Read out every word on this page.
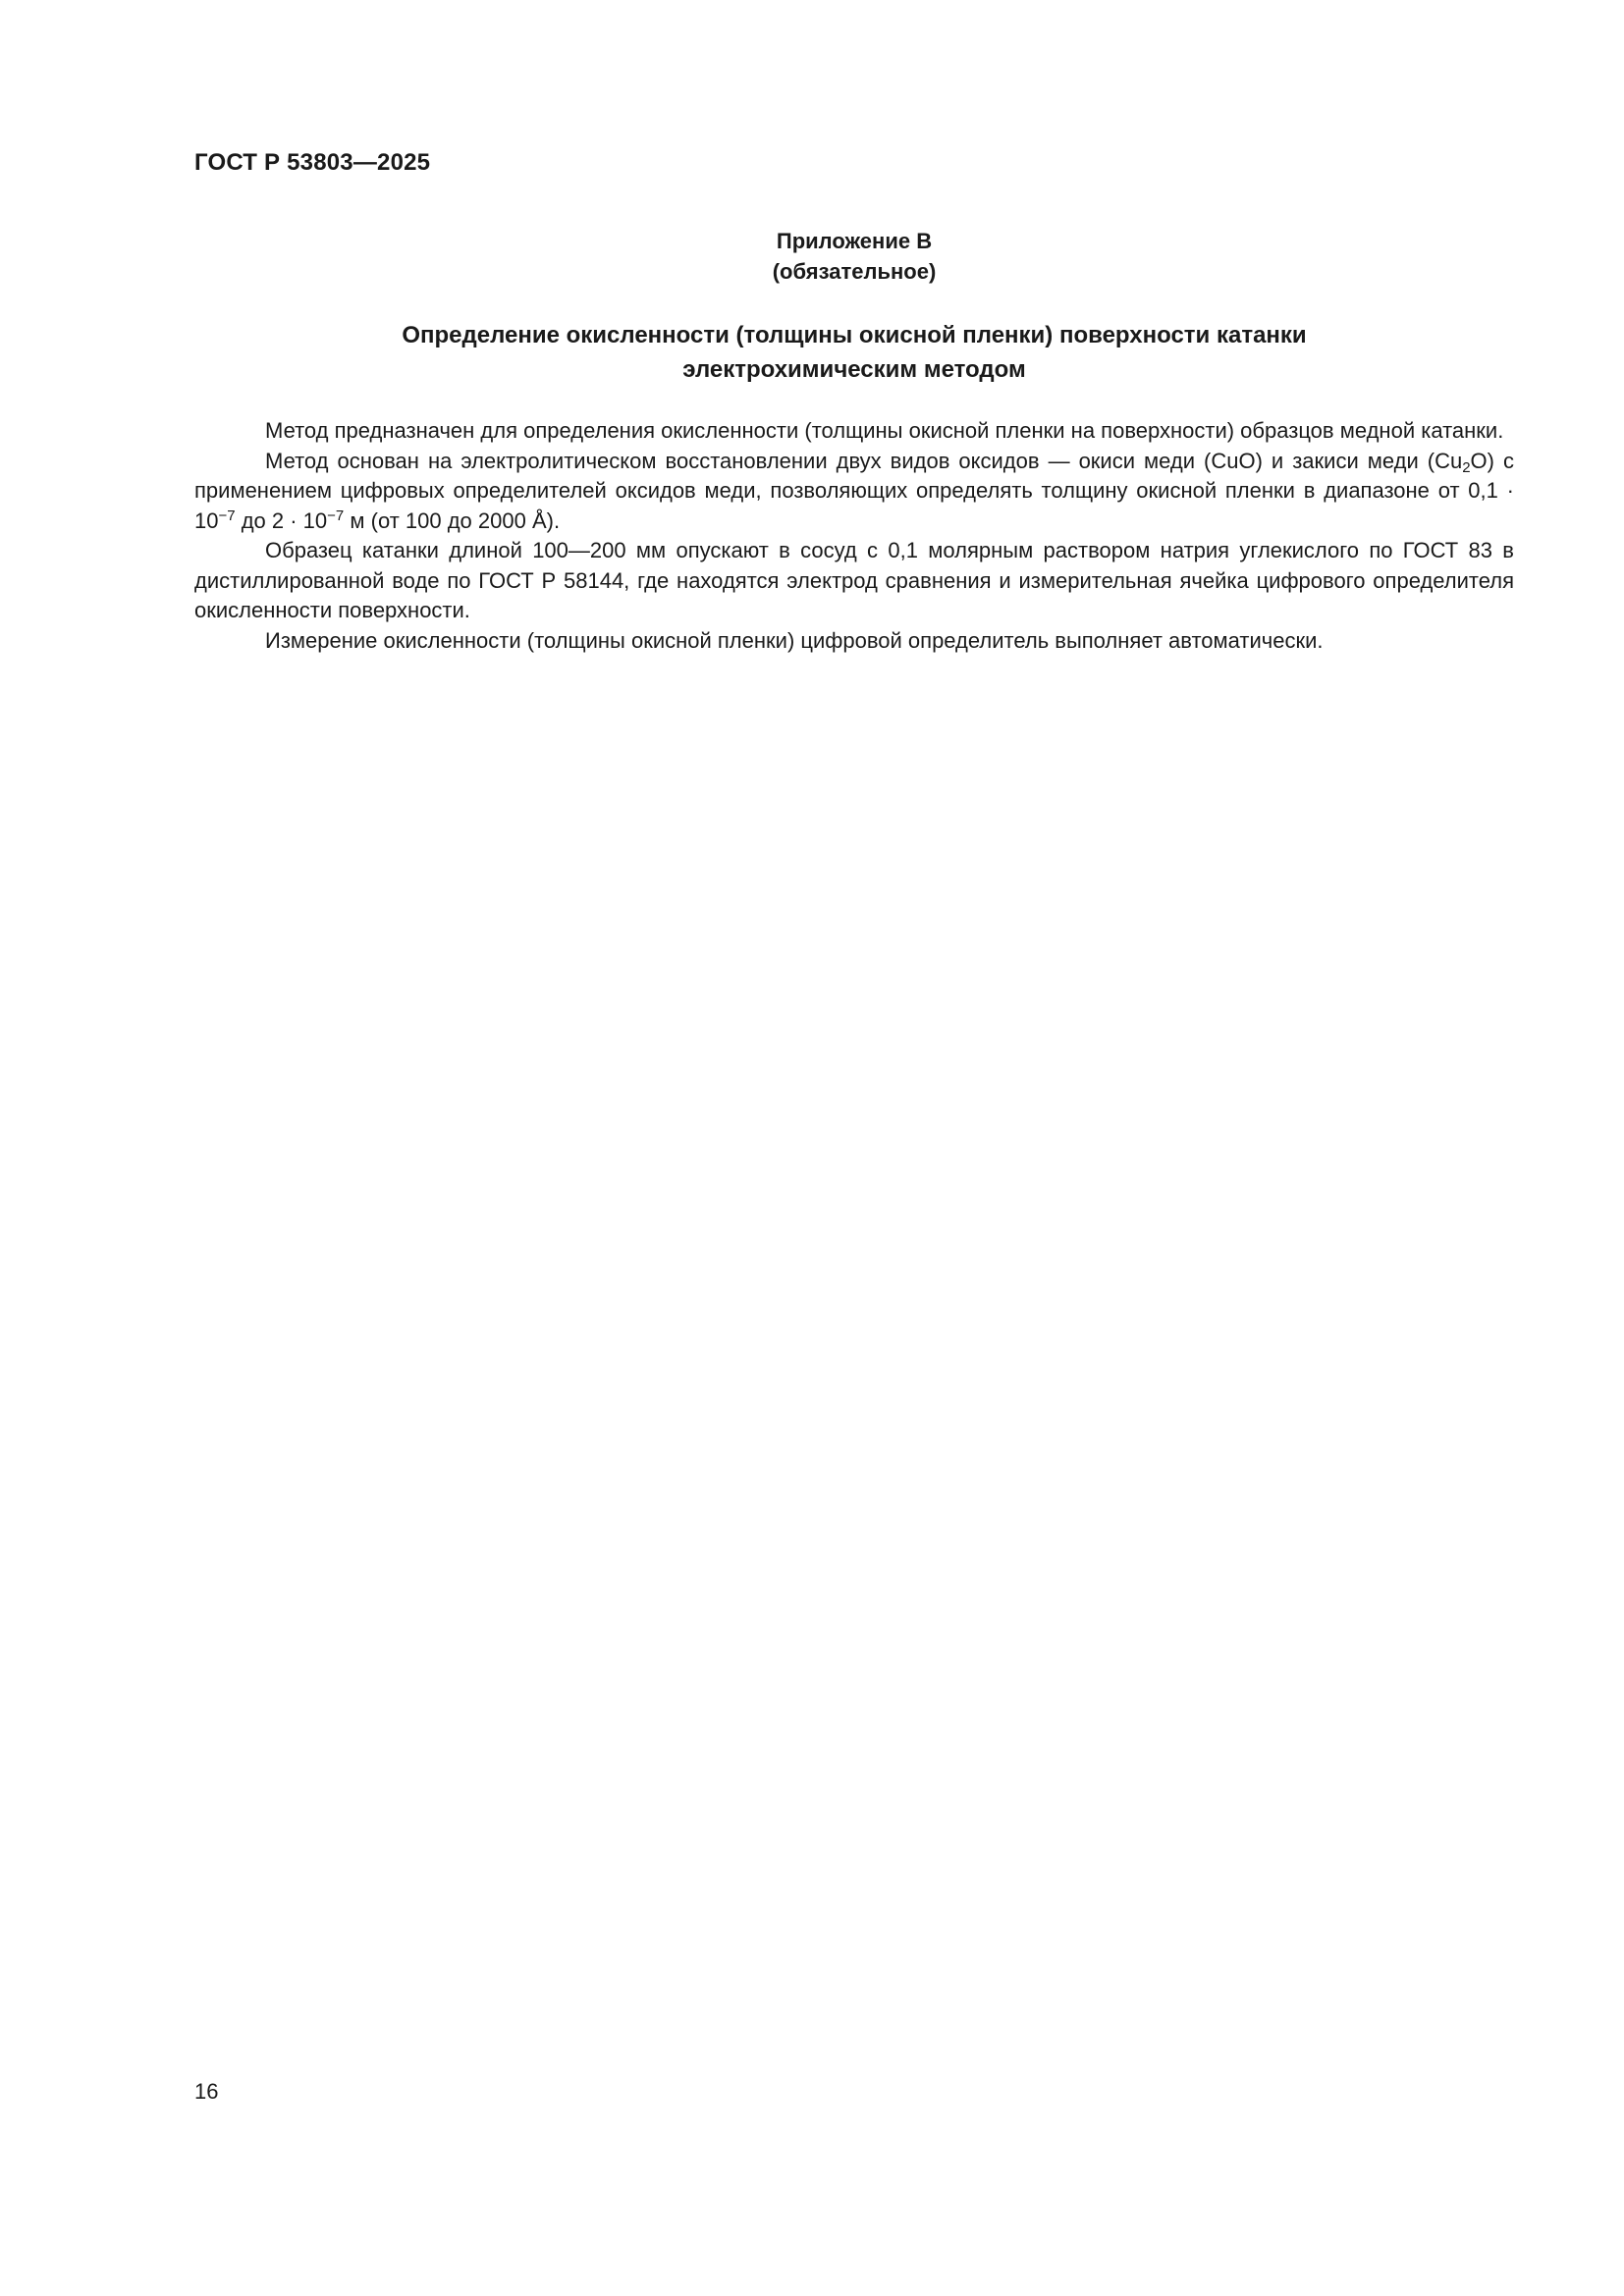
ГОСТ Р 53803—2025
Приложение В
(обязательное)
Определение окисленности (толщины окисной пленки) поверхности катанки
электрохимическим методом

Метод предназначен для определения окисленности (толщины окисной пленки на поверхности) образцов медной катанки.

Метод основан на электролитическом восстановлении двух видов оксидов — окиси меди (CuO) и закиси меди $(Cu_2O)$ с применением цифровых определителей оксидов меди, позволяющих определять толщину окисной пленки в диапазоне от $0,1 \cdot 10^{-7}$ до $2 \cdot 10^{-7}$ м (от 100 до 2000 Å).

Образец катанки длиной 100—200 мм опускают в сосуд с 0,1 молярным раствором натрия углекислого по ГОСТ 83 в дистиллированной воде по ГОСТ Р 58144, где находятся электрод сравнения и измерительная ячейка цифрового определителя окисленности поверхности.

Измерение окисленности (толщины окисной пленки) цифровой определитель выполняет автоматически.

16
